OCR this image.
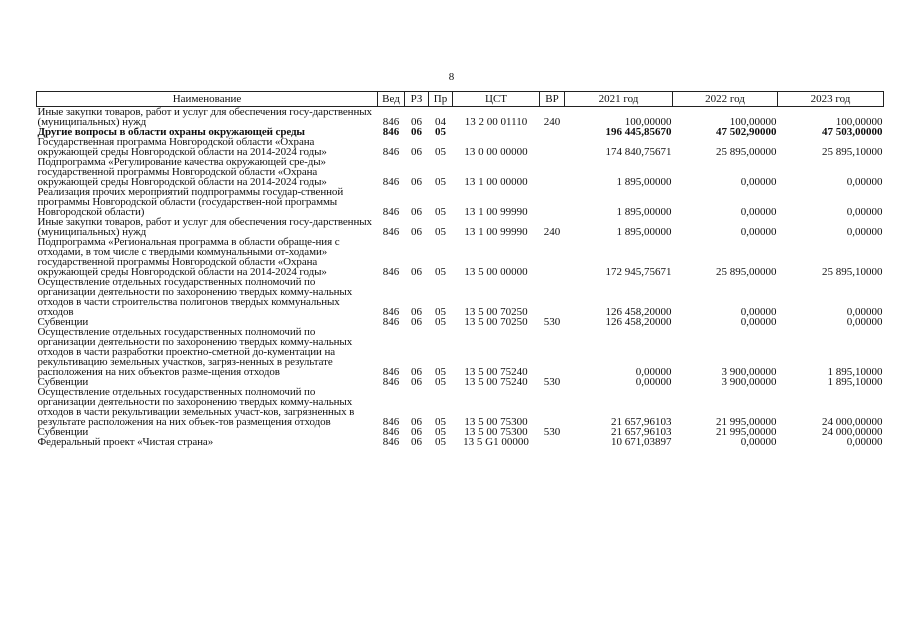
8
Наименование	Вед	РЗ	Пр	ЦСТ	ВР	2021 год	2022 год	2023 год
Иные закупки товаров, работ и услуг для обеспечения госу-дарственных (муниципальных) нужд	846	06	04	13 2 00 01110	240	100,00000	100,00000	100,00000
Другие вопросы в области охраны окружающей среды	846	06	05			196 445,85670	47 502,90000	47 503,00000
Государственная программа Новгородской области «Охрана окружающей среды Новгородской области на 2014-2024 годы»	846	06	05	13 0 00 00000		174 840,75671	25 895,00000	25 895,10000
Подпрограмма «Регулирование качества окружающей сре-ды» государственной программы Новгородской области «Охрана окружающей среды Новгородской области на 2014-2024 годы»	846	06	05	13 1 00 00000		1 895,00000	0,00000	0,00000
Реализация прочих мероприятий подпрограммы государ-ственной программы Новгородской области (государствен-ной программы Новгородской области)	846	06	05	13 1 00 99990		1 895,00000	0,00000	0,00000
Иные закупки товаров, работ и услуг для обеспечения госу-дарственных (муниципальных) нужд	846	06	05	13 1 00 99990	240	1 895,00000	0,00000	0,00000
Подпрограмма «Региональная программа в области обраще-ния с отходами, в том числе с твердыми коммунальными от-ходами» государственной программы Новгородской области «Охрана окружающей среды Новгородской области на 2014-2024 годы»	846	06	05	13 5 00 00000		172 945,75671	25 895,00000	25 895,10000
Осуществление отдельных государственных полномочий по организации деятельности по захоронению твердых комму-нальных отходов в части строительства полигонов твердых коммунальных отходов	846	06	05	13 5 00 70250		126 458,20000	0,00000	0,00000
Субвенции	846	06	05	13 5 00 70250	530	126 458,20000	0,00000	0,00000
Осуществление отдельных государственных полномочий по организации деятельности по захоронению твердых комму-нальных отходов в части разработки проектно-сметной до-кументации на рекультивацию земельных участков, загряз-ненных в результате расположения на них объектов разме-щения отходов	846	06	05	13 5 00 75240		0,00000	3 900,00000	1 895,10000
Субвенции	846	06	05	13 5 00 75240	530	0,00000	3 900,00000	1 895,10000
Осуществление отдельных государственных полномочий по организации деятельности по захоронению твердых комму-нальных отходов в части рекультивации земельных участ-ков, загрязненных в результате расположения на них объек-тов размещения отходов	846	06	05	13 5 00 75300		21 657,96103	21 995,00000	24 000,00000
Субвенции	846	06	05	13 5 00 75300	530	21 657,96103	21 995,00000	24 000,00000
Федеральный проект «Чистая страна»	846	06	05	13 5 G1 00000		10 671,03897	0,00000	0,00000
